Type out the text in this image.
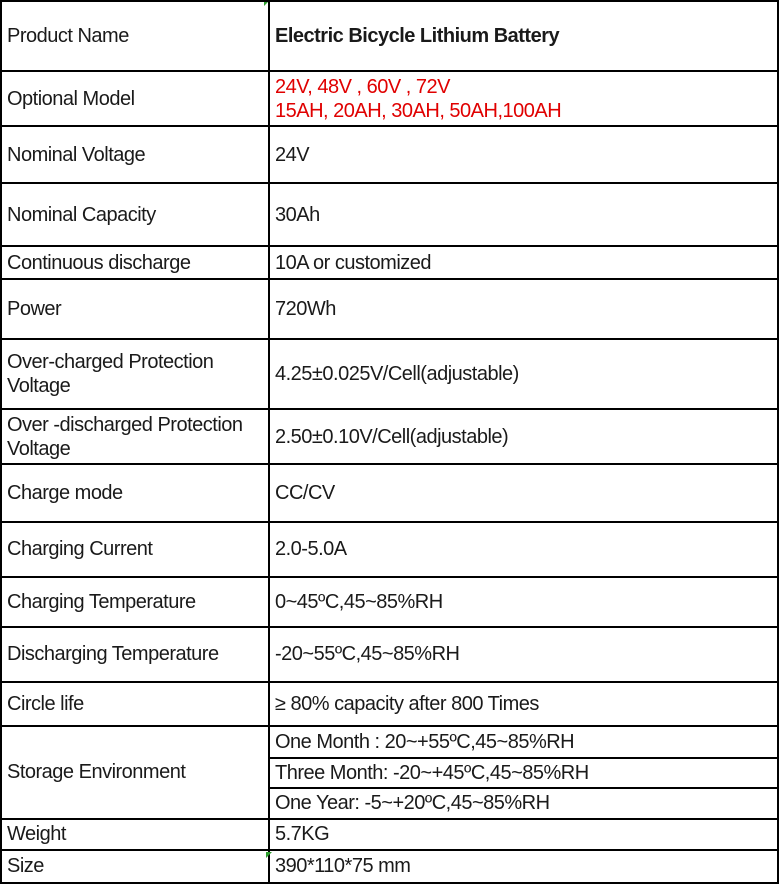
Product Name	Electric Bicycle Lithium Battery
Optional Model	24V, 48V , 60V , 72V
15AH, 20AH, 30AH, 50AH,100AH

Nominal Voltage	24V
Nominal Capacity	30Ah
Continuous discharge	10A or customized
Power	720Wh
Over-charged Protection Voltage	4.25±0.025V/Cell(adjustable)
Over -discharged Protection Voltage	2.50±0.10V/Cell(adjustable)
Charge mode	CC/CV
Charging Current	2.0-5.0A
Charging Temperature	0~45ºC,45~85%RH
Discharging Temperature	-20~55ºC,45~85%RH
Circle life	≥ 80% capacity after 800 Times
Storage Environment	One Month : 20~+55ºC,45~85%RH
	Three Month: -20~+45ºC,45~85%RH
	One Year: -5~+20ºC,45~85%RH
Weight	5.7KG
Size	390*110*75 mm
